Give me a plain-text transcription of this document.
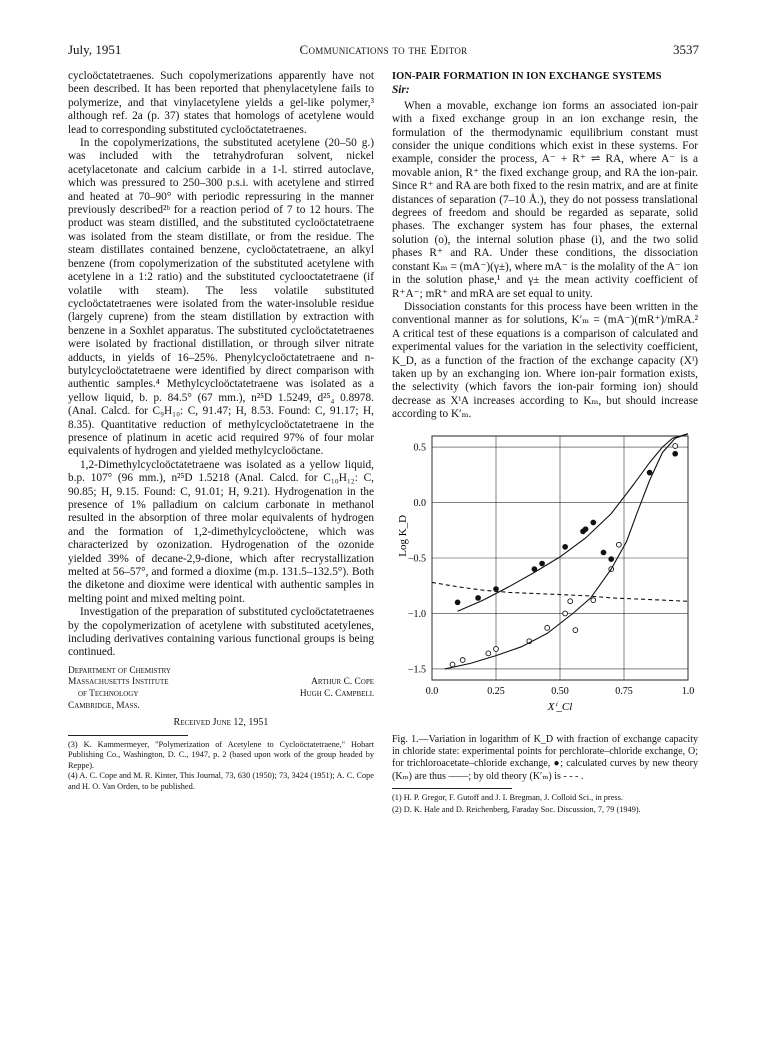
July, 1951	Communications to the Editor	3537

cycloöctatetraenes. Such copolymerizations apparently have not been described. It has been reported that phenylacetylene fails to polymerize, and that vinylacetylene yields a gel-like polymer,³ although ref. 2a (p. 37) states that homologs of acetylene would lead to corresponding substituted cycloöctatetraenes.

In the copolymerizations, the substituted acetylene (20–50 g.) was included with the tetrahydrofuran solvent, nickel acetylacetonate and calcium carbide in a 1-l. stirred autoclave, which was pressured to 250–300 p.s.i. with acetylene and stirred and heated at 70–90° with periodic repressuring in the manner previously described²ᵇ for a reaction period of 7 to 12 hours. The product was steam distilled, and the substituted cycloöctatetraene was isolated from the steam distillate, or from the residue. The steam distillates contained benzene, cycloöctatetraene, an alkyl benzene (from copolymerization of the substituted acetylene with acetylene in a 1:2 ratio) and the substituted cyclooctatetraene (if volatile with steam). The less volatile substituted cycloöctatetraenes were isolated from the water-insoluble residue (largely cuprene) from the steam distillation by extraction with benzene in a Soxhlet apparatus. The substituted cycloöctatetraenes were isolated by fractional distillation, or through silver nitrate adducts, in yields of 16–25%. Phenylcycloöctatetraene and n-butylcycloöctatetraene were identified by direct comparison with authentic samples.⁴ Methylcycloöctatetraene was isolated as a yellow liquid, b. p. 84.5° (67 mm.), n²⁵D 1.5249, d²⁵₄ 0.8978. (Anal. Calcd. for C₉H₁₀: C, 91.47; H, 8.53. Found: C, 91.17; H, 8.35). Quantitative reduction of methylcycloöctatetraene in the presence of platinum in acetic acid required 97% of four molar equivalents of hydrogen and yielded methylcycloöctane.

1,2-Dimethylcycloöctatetraene was isolated as a yellow liquid, b.p. 107° (96 mm.), n²⁵D 1.5218 (Anal. Calcd. for C₁₀H₁₂: C, 90.85; H, 9.15. Found: C, 91.01; H, 9.21). Hydrogenation in the presence of 1% palladium on calcium carbonate in methanol resulted in the absorption of three molar equivalents of hydrogen and the formation of 1,2-dimethylcycloöctene, which was characterized by ozonization. Hydrogenation of the ozonide yielded 39% of decane-2,9-dione, which after recrystallization melted at 56–57°, and formed a dioxime (m.p. 131.5–132.5°). Both the diketone and dioxime were identical with authentic samples in melting point and mixed melting point.

Investigation of the preparation of substituted cycloöctatetraenes by the copolymerization of acetylene with substituted acetylenes, including derivatives containing various functional groups is being continued.

Department of Chemistry
Massachusetts Institute
of Technology
Cambridge, Mass.

Arthur C. Cope
Hugh C. Campbell
Received June 12, 1951

(3) K. Kammermeyer, "Polymerization of Acetylene to Cycloöctatetraene," Hobart Publishing Co., Washington, D. C., 1947, p. 2 (based upon work of the group headed by Reppe).

(4) A. C. Cope and M. R. Kinter, This Journal, 73, 630 (1950); 73, 3424 (1951); A. C. Cope and H. O. Van Orden, to be published.

ION-PAIR FORMATION IN ION EXCHANGE SYSTEMS
Sir:

When a movable, exchange ion forms an associated ion-pair with a fixed exchange group in an ion exchange resin, the formulation of the thermodynamic equilibrium constant must consider the unique conditions which exist in these systems. For example, consider the process, A⁻ + R⁺ ⇌ RA, where A⁻ is a movable anion, R⁺ the fixed exchange group, and RA the ion-pair. Since R⁺ and RA are both fixed to the resin matrix, and are at finite distances of separation (7–10 Å.), they do not possess translational degrees of freedom and should be regarded as separate, solid phases. The exchanger system has four phases, the external solution (o), the internal solution phase (i), and the two solid phases R⁺ and RA. Under these conditions, the dissociation constant Kₘ = (mA⁻)(γ±), where mA⁻ is the molality of the A⁻ ion in the solution phase,¹ and γ± the mean activity coefficient of R⁺A⁻; mR⁺ and mRA are set equal to unity.

Dissociation constants for this process have been written in the conventional manner as for solutions, K′ₘ = (mA⁻)(mR⁺)/mRA.² A critical test of these equations is a comparison of calculated and experimental values for the variation in the selectivity coefficient, K_D, as a function of the fraction of the exchange capacity (Xⁱ) taken up by an exchanging ion. Where ion-pair formation exists, the selectivity (which favors the ion-pair forming ion) should decrease as XⁱA increases according to Kₘ, but should increase according to K′ₘ.

0.0	0.25	0.50	0.75	1.0
0.5
0.0
−0.5
−1.0
−1.5
Xⁱ_Cl
Log K_D

Fig. 1.—Variation in logarithm of K_D with fraction of exchange capacity in chloride state: experimental points for perchlorate–chloride exchange, O; for trichloroacetate–chloride exchange, ●; calculated curves by new theory (Kₘ) are thus ——; by old theory (K′ₘ) is - - - .

(1) H. P. Gregor, F. Gutoff and J. I. Bregman, J. Colloid Sci., in press.

(2) D. K. Hale and D. Reichenberg, Faraday Soc. Discussion, 7, 79 (1949).
